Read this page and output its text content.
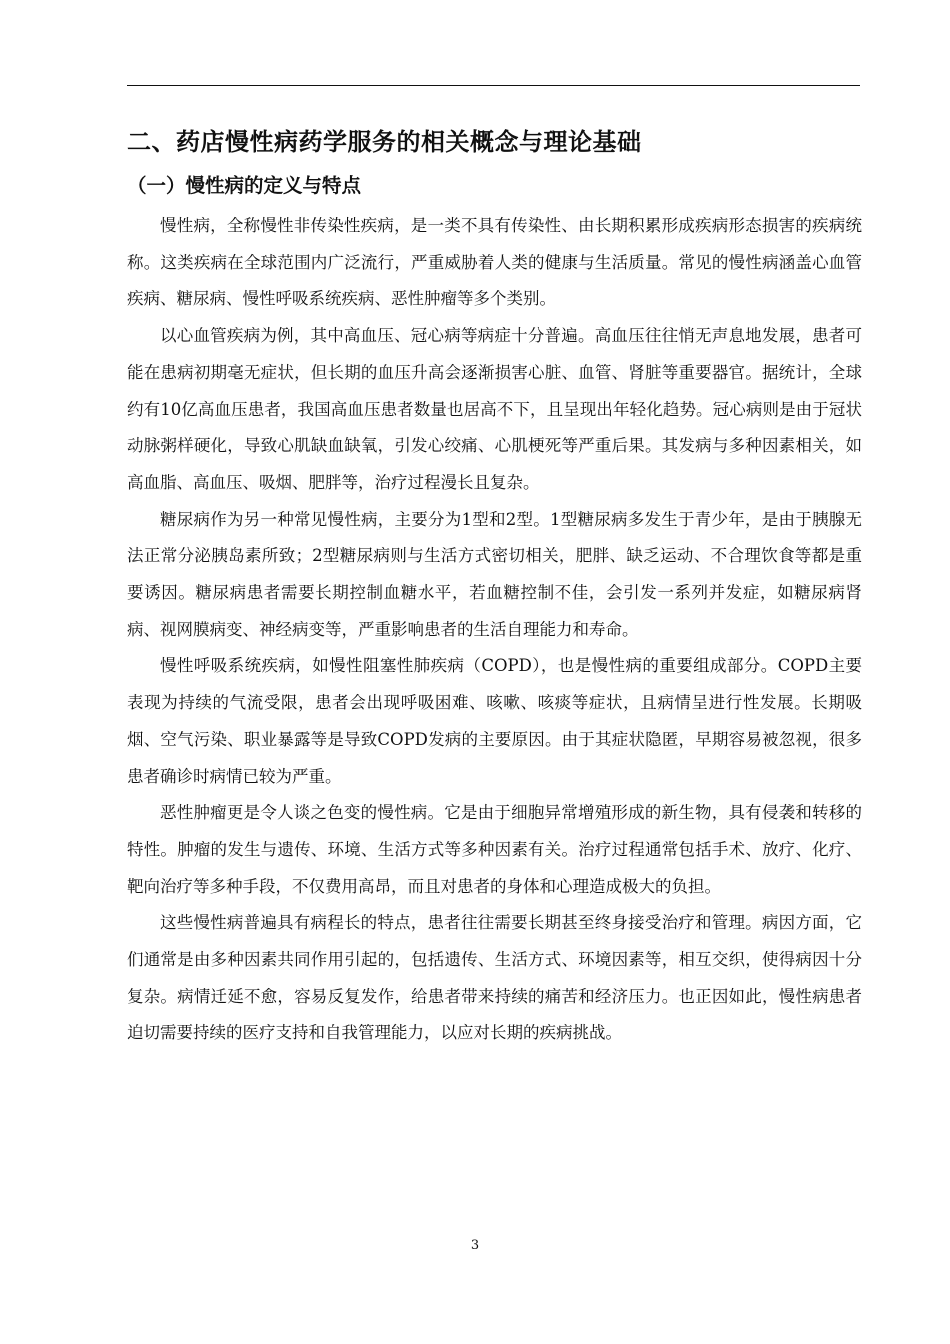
二、药店慢性病药学服务的相关概念与理论基础
（一）慢性病的定义与特点

慢性病，全称慢性非传染性疾病，是一类不具有传染性、由长期积累形成疾病形态损害的疾病统称。这类疾病在全球范围内广泛流行，严重威胁着人类的健康与生活质量。常见的慢性病涵盖心血管疾病、糖尿病、慢性呼吸系统疾病、恶性肿瘤等多个类别。

以心血管疾病为例，其中高血压、冠心病等病症十分普遍。高血压往往悄无声息地发展，患者可能在患病初期毫无症状，但长期的血压升高会逐渐损害心脏、血管、肾脏等重要器官。据统计，全球约有10亿高血压患者，我国高血压患者数量也居高不下，且呈现出年轻化趋势。冠心病则是由于冠状动脉粥样硬化，导致心肌缺血缺氧，引发心绞痛、心肌梗死等严重后果。其发病与多种因素相关，如高血脂、高血压、吸烟、肥胖等，治疗过程漫长且复杂。

糖尿病作为另一种常见慢性病，主要分为1型和2型。1型糖尿病多发生于青少年，是由于胰腺无法正常分泌胰岛素所致；2型糖尿病则与生活方式密切相关，肥胖、缺乏运动、不合理饮食等都是重要诱因。糖尿病患者需要长期控制血糖水平，若血糖控制不佳，会引发一系列并发症，如糖尿病肾病、视网膜病变、神经病变等，严重影响患者的生活自理能力和寿命。

慢性呼吸系统疾病，如慢性阻塞性肺疾病（COPD），也是慢性病的重要组成部分。COPD主要表现为持续的气流受限，患者会出现呼吸困难、咳嗽、咳痰等症状，且病情呈进行性发展。长期吸烟、空气污染、职业暴露等是导致COPD发病的主要原因。由于其症状隐匿，早期容易被忽视，很多患者确诊时病情已较为严重。

恶性肿瘤更是令人谈之色变的慢性病。它是由于细胞异常增殖形成的新生物，具有侵袭和转移的特性。肿瘤的发生与遗传、环境、生活方式等多种因素有关。治疗过程通常包括手术、放疗、化疗、靶向治疗等多种手段，不仅费用高昂，而且对患者的身体和心理造成极大的负担。

这些慢性病普遍具有病程长的特点，患者往往需要长期甚至终身接受治疗和管理。病因方面，它们通常是由多种因素共同作用引起的，包括遗传、生活方式、环境因素等，相互交织，使得病因十分复杂。病情迁延不愈，容易反复发作，给患者带来持续的痛苦和经济压力。也正因如此，慢性病患者迫切需要持续的医疗支持和自我管理能力，以应对长期的疾病挑战。

3
